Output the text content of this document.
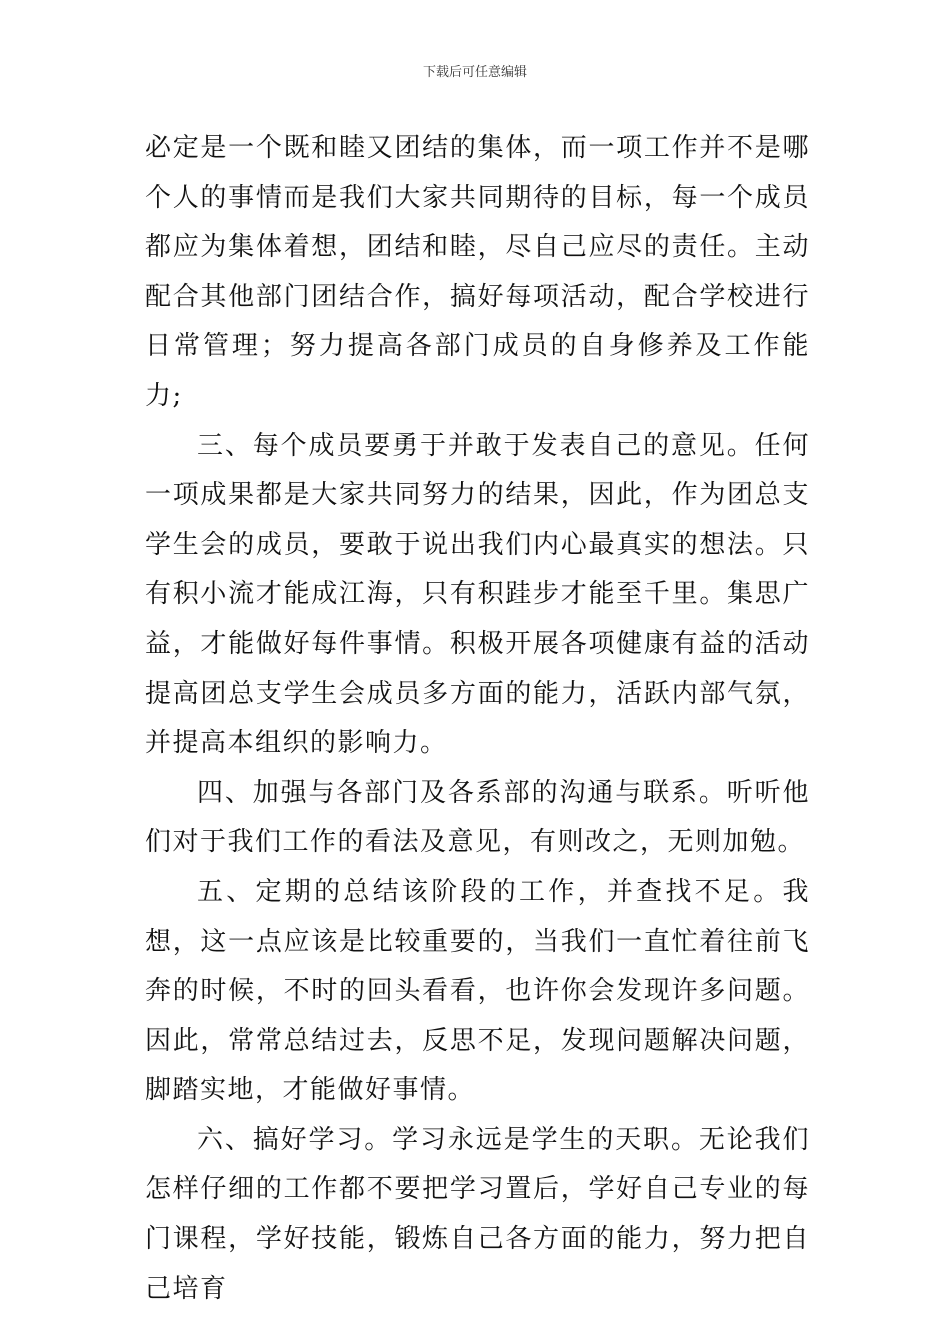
下载后可任意编辑

必定是一个既和睦又团结的集体，而一项工作并不是哪个人的事情而是我们大家共同期待的目标，每一个成员都应为集体着想，团结和睦，尽自己应尽的责任。主动配合其他部门团结合作，搞好每项活动，配合学校进行日常管理；努力提高各部门成员的自身修养及工作能力;

三、每个成员要勇于并敢于发表自己的意见。任何一项成果都是大家共同努力的结果，因此，作为团总支学生会的成员，要敢于说出我们内心最真实的想法。只有积小流才能成江海，只有积跬步才能至千里。集思广益，才能做好每件事情。积极开展各项健康有益的活动提高团总支学生会成员多方面的能力，活跃内部气氛，并提高本组织的影响力。

四、加强与各部门及各系部的沟通与联系。听听他们对于我们工作的看法及意见，有则改之，无则加勉。

五、定期的总结该阶段的工作，并查找不足。我想，这一点应该是比较重要的，当我们一直忙着往前飞奔的时候，不时的回头看看，也许你会发现许多问题。因此，常常总结过去，反思不足，发现问题解决问题，脚踏实地，才能做好事情。

六、搞好学习。学习永远是学生的天职。无论我们怎样仔细的工作都不要把学习置后，学好自己专业的每门课程，学好技能，锻炼自己各方面的能力，努力把自己培育
